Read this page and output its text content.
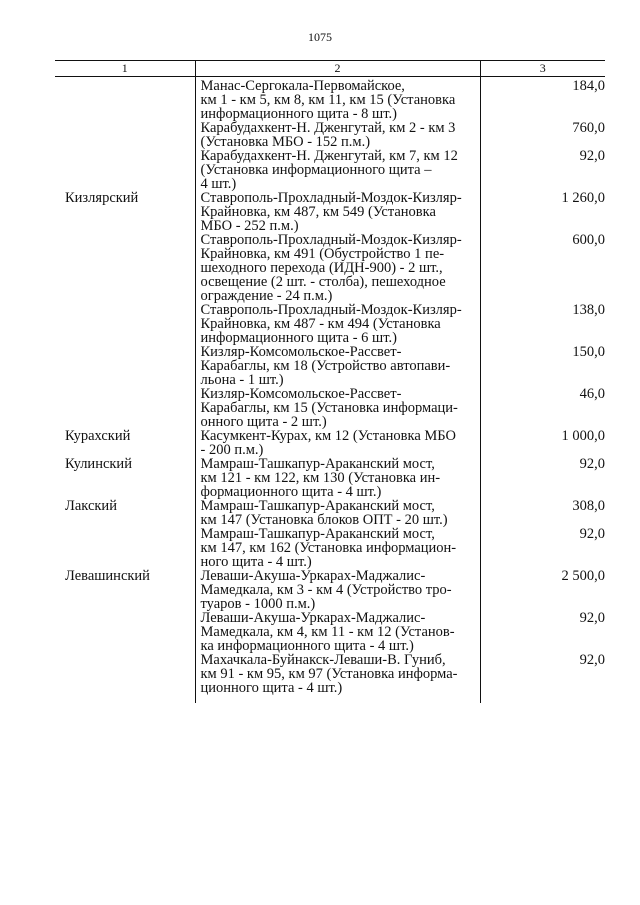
1075
1	2	3

	Манас-Сергокала-Первомайское,
км 1 - км 5, км 8, км 11, км 15 (Установка
информационного щита - 8 шт.)	184,0

	Карабудахкент-Н. Дженгутай, км 2 - км 3
(Установка МБО - 152 п.м.)	760,0

	Карабудахкент-Н. Дженгутай, км 7, км 12
(Установка информационного щита –
4 шт.)	92,0
Кизлярский	Ставрополь-Прохладный-Моздок-Кизляр-
Крайновка, км 487, км 549 (Установка
МБО - 252 п.м.)	1 260,0

	Ставрополь-Прохладный-Моздок-Кизляр-
Крайновка, км 491 (Обустройство 1 пе-
шеходного перехода (ИДН-900) - 2 шт.,
освещение (2 шт. - столба), пешеходное
ограждение - 24 п.м.)	600,0

	Ставрополь-Прохладный-Моздок-Кизляр-
Крайновка, км 487 - км 494 (Установка
информационного щита - 6 шт.)	138,0

	Кизляр-Комсомольское-Рассвет-
Карабаглы, км 18 (Устройство автопави-
льона - 1 шт.)	150,0

	Кизляр-Комсомольское-Рассвет-
Карабаглы, км 15 (Установка информаци-
онного щита - 2 шт.)	46,0
Курахский	Касумкент-Курах, км 12 (Установка МБО
- 200 п.м.)	1 000,0
Кулинский	Мамраш-Ташкапур-Араканский мост,
км 121 - км 122, км 130 (Установка ин-
формационного щита - 4 шт.)	92,0
Лакский	Мамраш-Ташкапур-Араканский мост,
км 147 (Установка блоков ОПТ - 20 шт.)	308,0

	Мамраш-Ташкапур-Араканский мост,
км 147, км 162 (Установка информацион-
ного щита - 4 шт.)	92,0
Левашинский	Леваши-Акуша-Уркарах-Маджалис-
Мамедкала, км 3 - км 4 (Устройство тро-
туаров - 1000 п.м.)	2 500,0

	Леваши-Акуша-Уркарах-Маджалис-
Мамедкала, км 4, км 11 - км 12 (Установ-
ка информационного щита - 4 шт.)	92,0

	Махачкала-Буйнакск-Леваши-В. Гуниб,
км 91 - км 95, км 97 (Установка информа-
ционного щита - 4 шт.)	92,0
